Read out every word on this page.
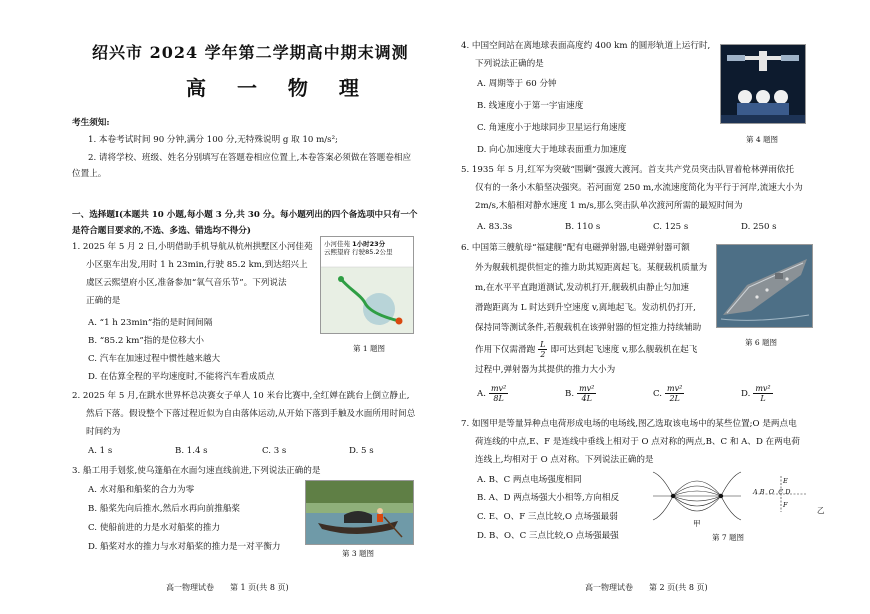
绍兴市 2024 学年第二学期高中期末调测
高 一 物 理
考生须知:
1. 本卷考试时间 90 分钟,满分 100 分,无特殊说明 g 取 10 m/s²;
2. 请将学校、班级、姓名分别填写在答题卷相应位置上,本卷答案必须做在答题卷相应
位置上。
一、选择题Ⅰ(本题共 10 小题,每小题 3 分,共 30 分。每小题列出的四个备选项中只有一个
是符合题目要求的,不选、多选、错选均不得分)
1. 2025 年 5 月 2 日,小明借助手机导航从杭州拱墅区小河佳苑
小区驱车出发,用时 1 h 23min,行驶 85.2 km,到达绍兴上
虞区云熙望府小区,准备参加“氧气音乐节”。下列说法
正确的是
A. “1 h 23min”指的是时间间隔
B. “85.2 km”指的是位移大小
C. 汽车在加速过程中惯性越来越大
D. 在估算全程的平均速度时,不能将汽车看成质点
小河佳苑 1小时23分
云熙望府 行驶85.2公里
第 1 题图
2. 2025 年 5 月,在跳水世界杯总决赛女子单人 10 米台比赛中,全红婵在跳台上倒立静止,
然后下落。假设整个下落过程近似为自由落体运动,从开始下落到手触及水面所用时间总
时间约为
A. 1 s	B. 1.4 s	C. 3 s	D. 5 s
3. 船工用手划浆,使乌篷船在水面匀速直线前进,下列说法正确的是
A. 水对船和船桨的合力为零
B. 船桨先向后推水,然后水再向前推船桨
C. 使船前进的力是水对船桨的推力
D. 船桨对水的推力与水对船桨的推力是一对平衡力
第 3 题图
高一物理试卷　　第 1 页(共 8 页)
4. 中国空间站在离地球表面高度约 400 km 的圆形轨道上运行时,
下列说法正确的是
A. 周期等于 60 分钟
B. 线速度小于第一宇宙速度
C. 角速度小于地球同步卫星运行角速度
D. 向心加速度大于地球表面重力加速度
第 4 题图
5. 1935 年 5 月,红军为突破“围剿”强渡大渡河。首支共产党员突击队冒着枪林弹雨依托
仅有的一条小木船坚决强突。若河面宽 250 m,水流速度简化为平行于河岸,流速大小为
2m/s,木船相对静水速度 1 m/s,那么突击队单次渡河所需的最短时间为
A. 83.3s	B. 110 s	C. 125 s	D. 250 s
6. 中国第三艘航母“福建舰”配有电磁弹射器,电磁弹射器可额
外为舰载机提供恒定的推力助其短距离起飞。某舰载机质量为
m,在水平平直跑道测试,发动机打开,舰载机由静止匀加速
滑跑距离为 L 时达到升空速度 v,离地起飞。发动机仍打开,
保持同等测试条件,若舰载机在该弹射器的恒定推力持续辅助
作用下仅需滑跑 $\frac{L}{2}$ 即可达到起飞速度 v,那么舰载机在起飞
过程中,弹射器为其提供的推力大小为
A. $\frac{\text{mv²}}{8L}$	B. $\frac{\text{mv²}}{4L}$	C. $\frac{\text{mv²}}{2L}$	D. $\frac{\text{mv²}}{L}$
第 6 题图
7. 如图甲是等量异种点电荷形成电场的电场线,图乙选取该电场中的某些位置;O 是两点电
荷连线的中点,E、F 是连线中垂线上相对于 O 点对称的两点,B、C 和 A、D 在两电荷
连线上,均相对于 O 点对称。下列说法正确的是
A. B、C 两点电场强度相同
B. A、D 两点场强大小相等,方向相反
C. E、O、F 三点比较,O 点场强最弱
D. B、O、C 三点比较,O 点场强最强
甲
A B O C D
E
F
乙
第 7 题图
高一物理试卷　　第 2 页(共 8 页)
